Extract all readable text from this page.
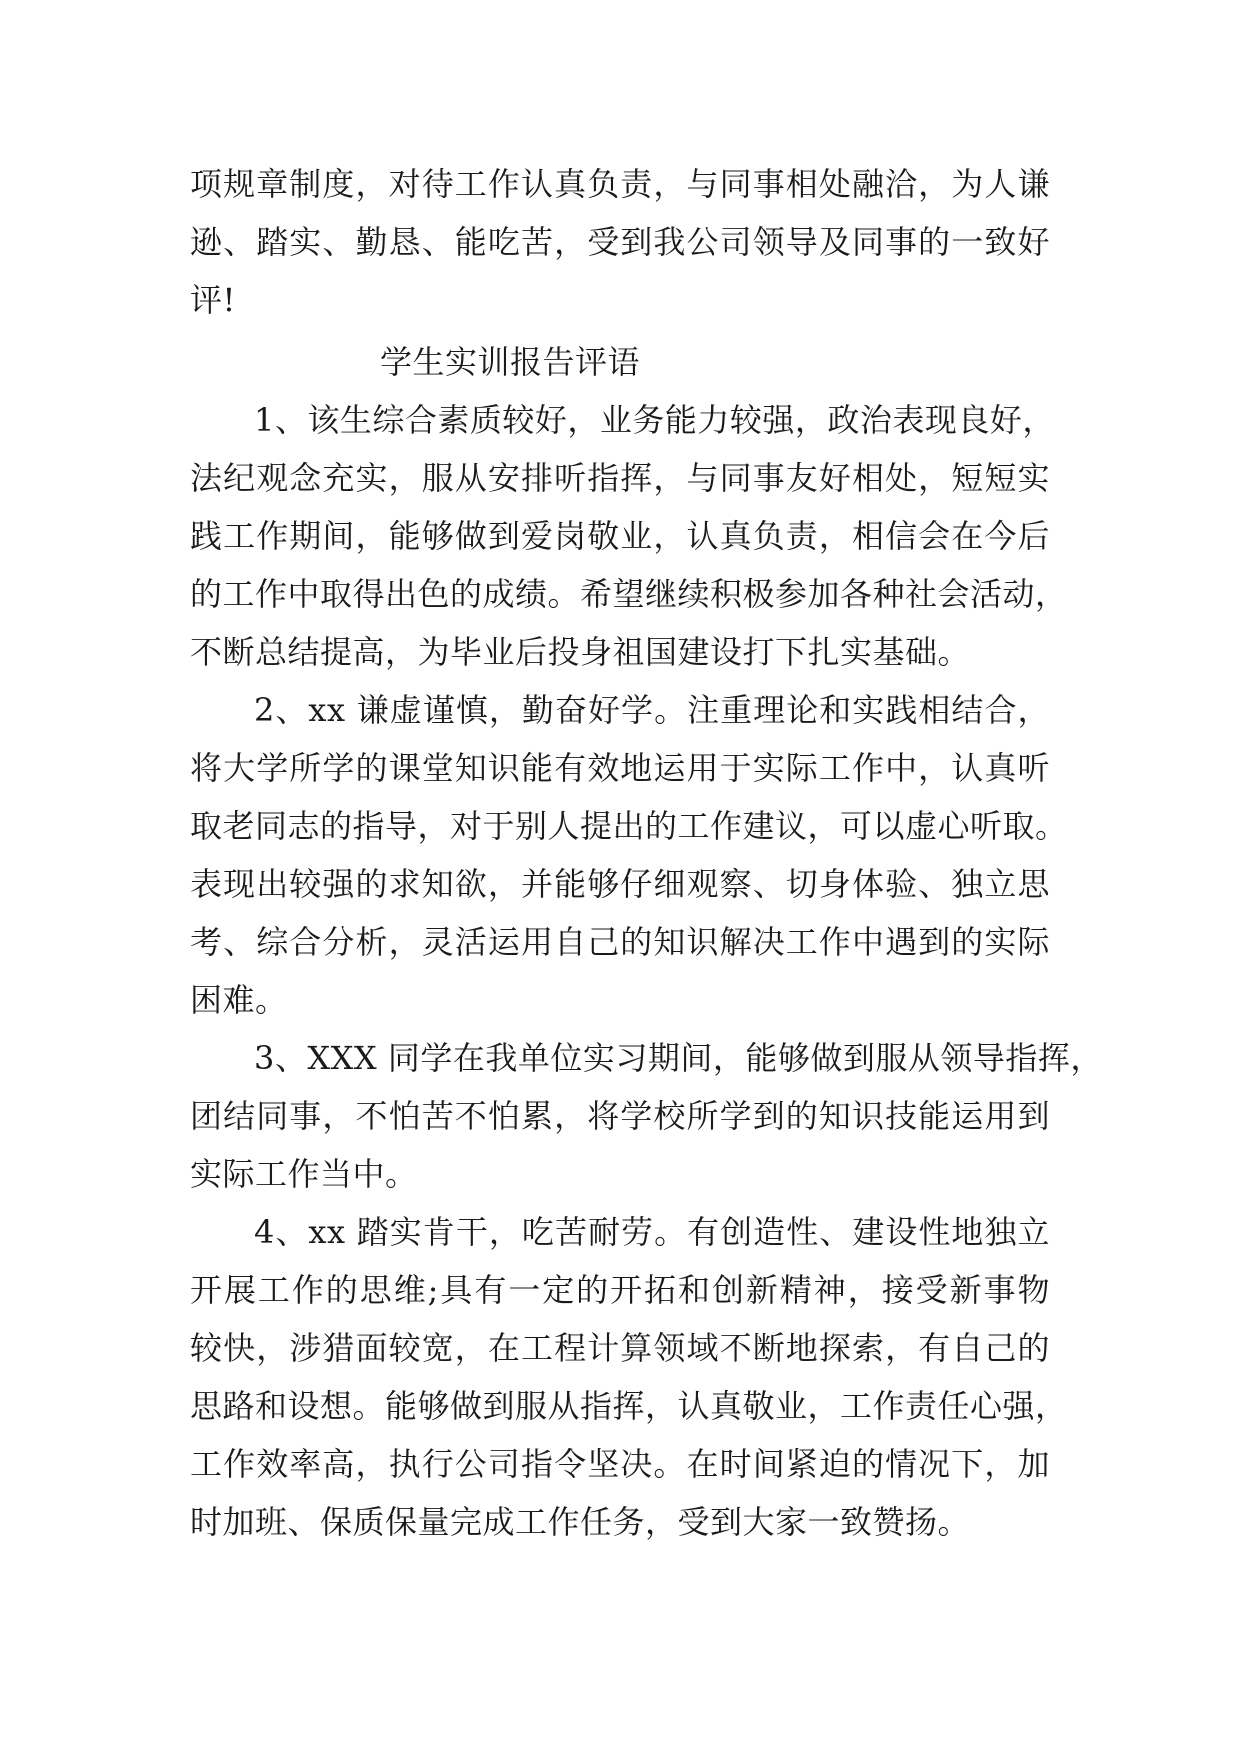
项规章制度，对待工作认真负责，与同事相处融洽，为人谦
逊、踏实、勤恳、能吃苦，受到我公司领导及同事的一致好
评!
学生实训报告评语
1、该生综合素质较好，业务能力较强，政治表现良好，
法纪观念充实，服从安排听指挥，与同事友好相处，短短实
践工作期间，能够做到爱岗敬业，认真负责，相信会在今后
的工作中取得出色的成绩。希望继续积极参加各种社会活动，
不断总结提高，为毕业后投身祖国建设打下扎实基础。
2、xx 谦虚谨慎，勤奋好学。注重理论和实践相结合，
将大学所学的课堂知识能有效地运用于实际工作中，认真听
取老同志的指导，对于别人提出的工作建议，可以虚心听取。
表现出较强的求知欲，并能够仔细观察、切身体验、独立思
考、综合分析，灵活运用自己的知识解决工作中遇到的实际
困难。
3、XXX 同学在我单位实习期间，能够做到服从领导指挥，
团结同事，不怕苦不怕累，将学校所学到的知识技能运用到
实际工作当中。
4、xx 踏实肯干，吃苦耐劳。有创造性、建设性地独立
开展工作的思维;具有一定的开拓和创新精神，接受新事物
较快，涉猎面较宽，在工程计算领域不断地探索，有自己的
思路和设想。能够做到服从指挥，认真敬业，工作责任心强，
工作效率高，执行公司指令坚决。在时间紧迫的情况下，加
时加班、保质保量完成工作任务，受到大家一致赞扬。
